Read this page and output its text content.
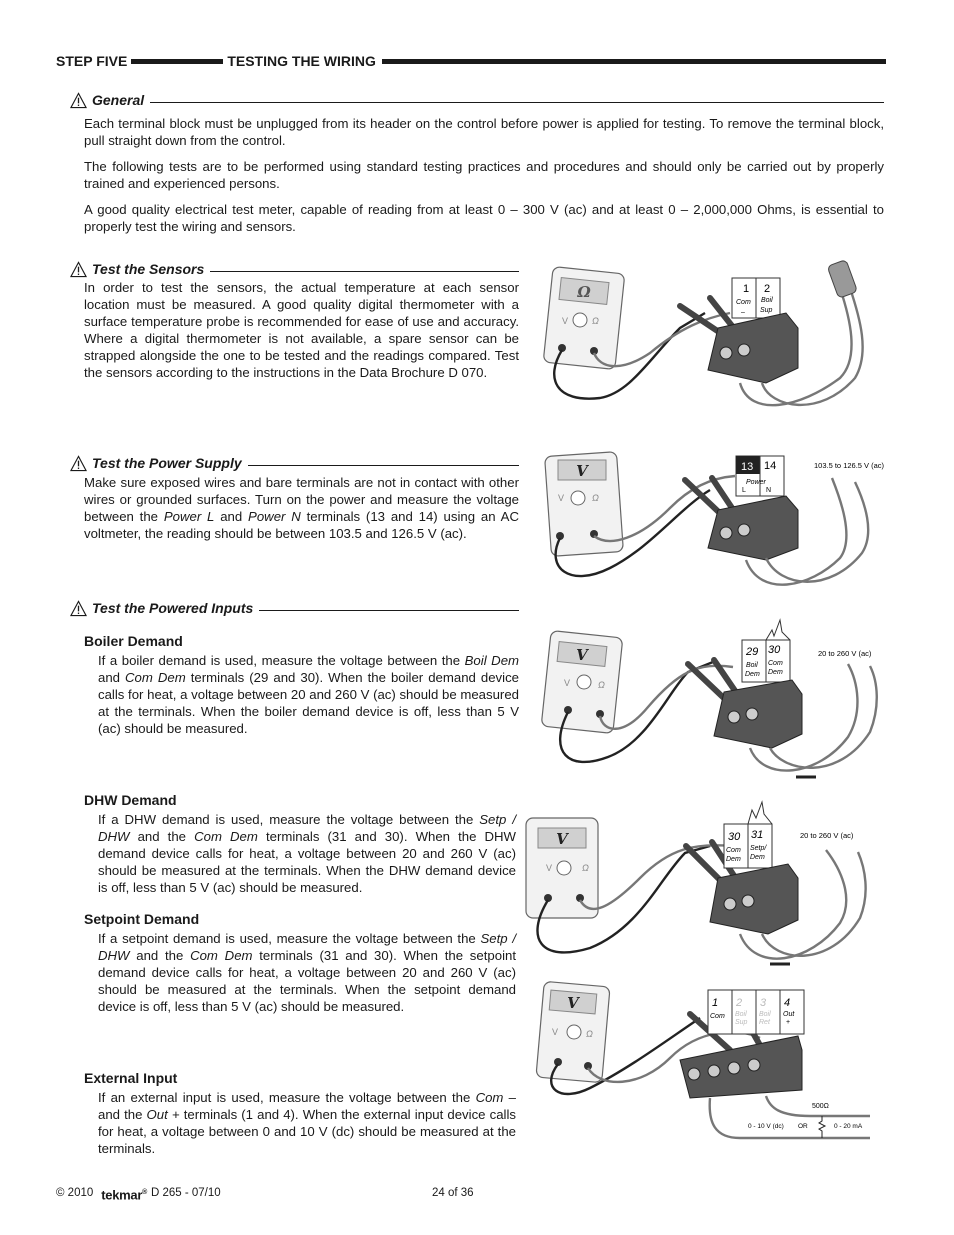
STEP FIVE	TESTING THE WIRING
General
Each terminal block must be unplugged from its header on the control before power is applied for testing. To remove the terminal block, pull straight down from the control.
The following tests are to be performed using standard testing practices and procedures and should only be carried out by properly trained and experienced persons.
A good quality electrical test meter, capable of reading from at least 0 – 300 V (ac) and at least 0 – 2,000,000 Ohms, is essential to properly test the wiring and sensors.
Test the Sensors
In order to test the sensors, the actual temperature at each sensor location must be measured. A good quality digital thermometer with a surface temperature probe is recommended for ease of use and accuracy. Where a digital thermometer is not available, a spare sensor can be strapped alongside the one to be tested and the readings compared. Test the sensors according to the instructions in the Data Brochure D 070.
Test the Power Supply
Make sure exposed wires and bare terminals are not in contact with other wires or grounded surfaces. Turn on the power and measure the voltage between the Power L and Power N terminals (13 and 14) using an AC voltmeter, the reading should be between 103.5 and 126.5 V (ac).
Test the Powered Inputs
Boiler Demand
If a boiler demand is used, measure the voltage between the Boil Dem and Com Dem terminals (29 and 30). When the boiler demand device calls for heat, a voltage between 20 and 260 V (ac) should be measured at the terminals. When the boiler demand device is off, less than 5 V (ac) should be measured.
DHW Demand
If a DHW demand is used, measure the voltage between the Setp / DHW and the Com Dem terminals (31 and 30). When the DHW demand device calls for heat, a voltage between 20 and 260 V (ac) should be measured at the terminals. When the DHW demand device is off, less than 5 V (ac) should be measured.
Setpoint Demand
If a setpoint demand is used, measure the voltage between the Setp / DHW and the Com Dem terminals (31 and 30). When the setpoint demand device calls for heat, a voltage between 20 and 260 V (ac) should be measured at the terminals. When the setpoint demand device is off, less than 5 V (ac) should be measured.
External Input
If an external input is used, measure the voltage between the Com – and the Out + terminals (1 and 4). When the external input device calls for heat, a voltage between 0 and 10 V (dc) should be measured at the terminals.
Ω
V	Ω
1 2
Com
–
Boil
Sup
V
V	Ω
13 14
Power
L	N
103.5 to 126.5 V (ac)
V
V	Ω
29 30
Boil
Dem
Com
Dem
20 to 260 V (ac)
V
V	Ω
30 31
Com
Dem
Setp/
Dem
20 to 260 V (ac)
V
V	Ω
1 2 3 4
Com Boil
Sup
Boil
Ret
Out
+
500Ω
0 - 10 V (dc) OR	0 - 20 mA
© 2010 tekmar® D 265 - 07/10	24 of 36
